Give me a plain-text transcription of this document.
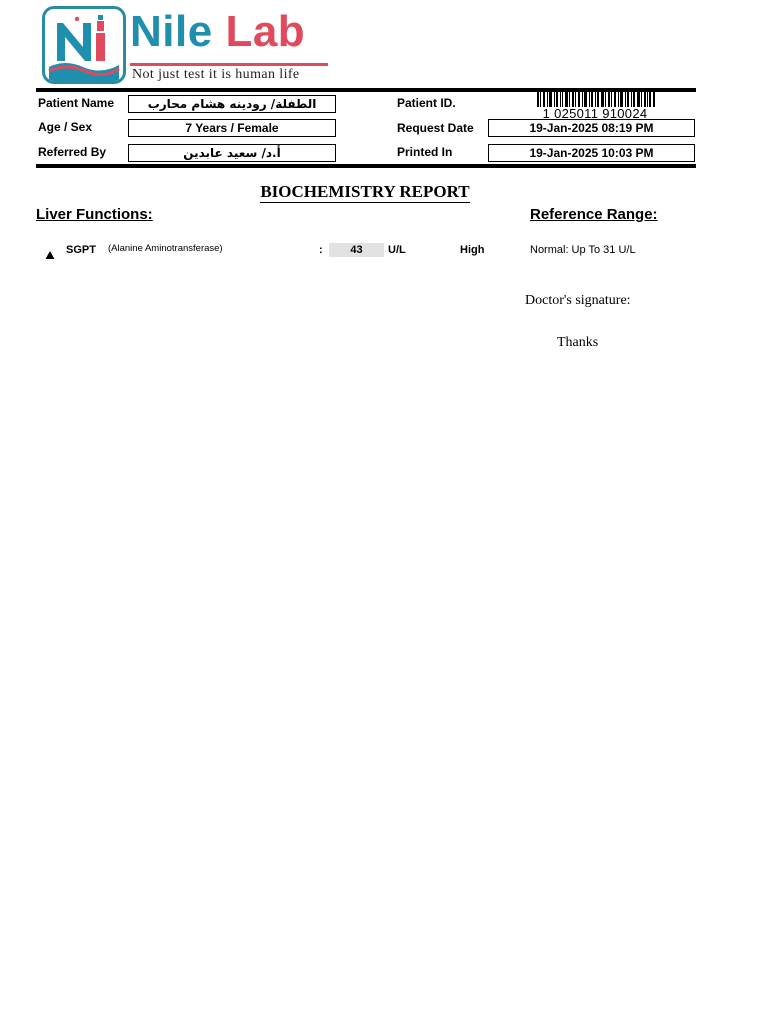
Nile Lab
Not just test it is human life
Patient Name	الطفلة/ رودينه هشام محارب
Age / Sex	7 Years / Female
Referred By	أ.د/ سعيد عابدين
Patient ID.
1 025011 910024
Request Date	19-Jan-2025 08:19 PM
Printed In	19-Jan-2025 10:03 PM
BIOCHEMISTRY REPORT
Liver Functions:	Reference Range:
SGPT (Alanine Aminotransferase)	:	43	U/L	High	Normal: Up To 31 U/L
Doctor's signature:
Thanks
